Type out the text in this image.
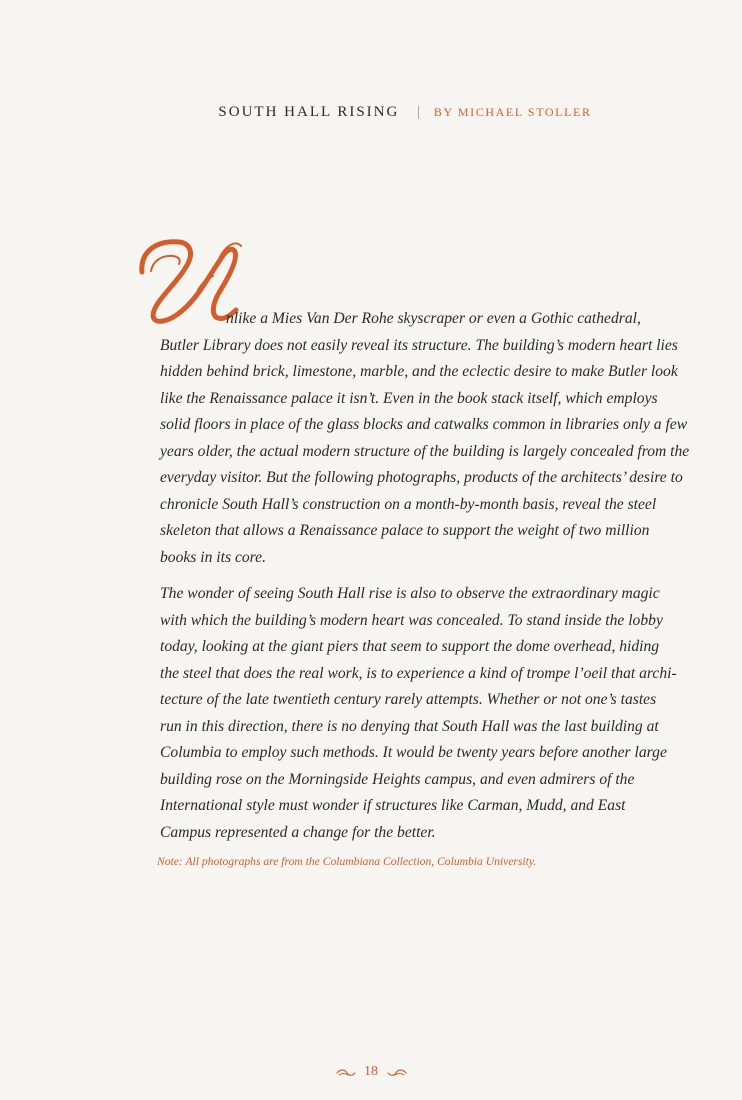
SOUTH HALL RISING | BY MICHAEL STOLLER
nlike a Mies Van Der Rohe skyscraper or even a Gothic cathedral,
Butler Library does not easily reveal its structure. The building’s modern heart lies
hidden behind brick, limestone, marble, and the eclectic desire to make Butler look
like the Renaissance palace it isn’t. Even in the book stack itself, which employs
solid floors in place of the glass blocks and catwalks common in libraries only a few
years older, the actual modern structure of the building is largely concealed from the
everyday visitor. But the following photographs, products of the architects’ desire to
chronicle South Hall’s construction on a month-by-month basis, reveal the steel
skeleton that allows a Renaissance palace to support the weight of two million
books in its core.
The wonder of seeing South Hall rise is also to observe the extraordinary magic
with which the building’s modern heart was concealed. To stand inside the lobby
today, looking at the giant piers that seem to support the dome overhead, hiding
the steel that does the real work, is to experience a kind of trompe l’oeil that archi-
tecture of the late twentieth century rarely attempts. Whether or not one’s tastes
run in this direction, there is no denying that South Hall was the last building at
Columbia to employ such methods. It would be twenty years before another large
building rose on the Morningside Heights campus, and even admirers of the
International style must wonder if structures like Carman, Mudd, and East
Campus represented a change for the better.
Note: All photographs are from the Columbiana Collection, Columbia University.
18
